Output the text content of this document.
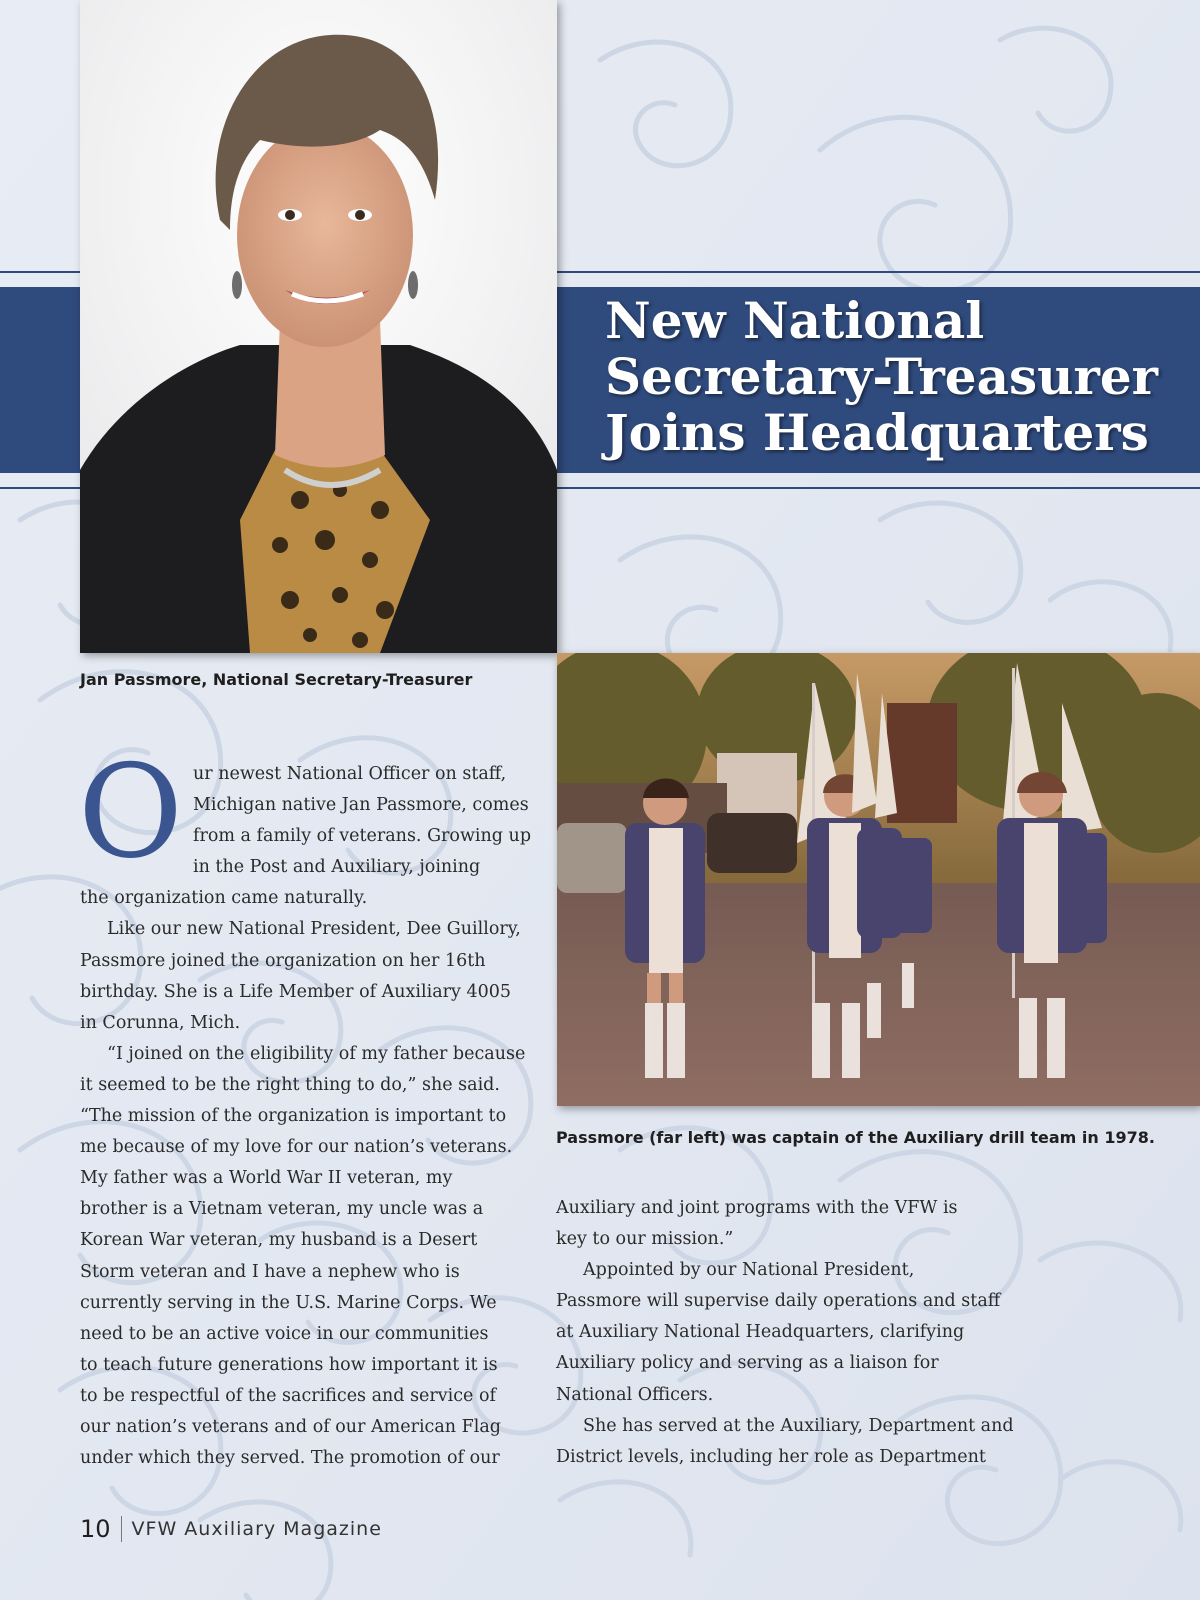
New National
Secretary-Treasurer
Joins Headquarters

Jan Passmore, National Secretary-Treasurer

Passmore (far left) was captain of the Auxiliary drill team in 1978.

O ur newest National Officer on staff,
Michigan native Jan Passmore, comes
from a family of veterans. Growing up
in the Post and Auxiliary, joining
the organization came naturally.
Like our new National President, Dee Guillory,
Passmore joined the organization on her 16th
birthday. She is a Life Member of Auxiliary 4005
in Corunna, Mich.
“I joined on the eligibility of my father because
it seemed to be the right thing to do,” she said.
“The mission of the organization is important to
me because of my love for our nation’s veterans.
My father was a World War II veteran, my
brother is a Vietnam veteran, my uncle was a
Korean War veteran, my husband is a Desert
Storm veteran and I have a nephew who is
currently serving in the U.S. Marine Corps. We
need to be an active voice in our communities
to teach future generations how important it is
to be respectful of the sacrifices and service of
our nation’s veterans and of our American Flag
under which they served. The promotion of our
Auxiliary and joint programs with the VFW is
key to our mission.”
Appointed by our National President,
Passmore will supervise daily operations and staff
at Auxiliary National Headquarters, clarifying
Auxiliary policy and serving as a liaison for
National Officers.
She has served at the Auxiliary, Department and
District levels, including her role as Department
10 VFW Auxiliary Magazine
